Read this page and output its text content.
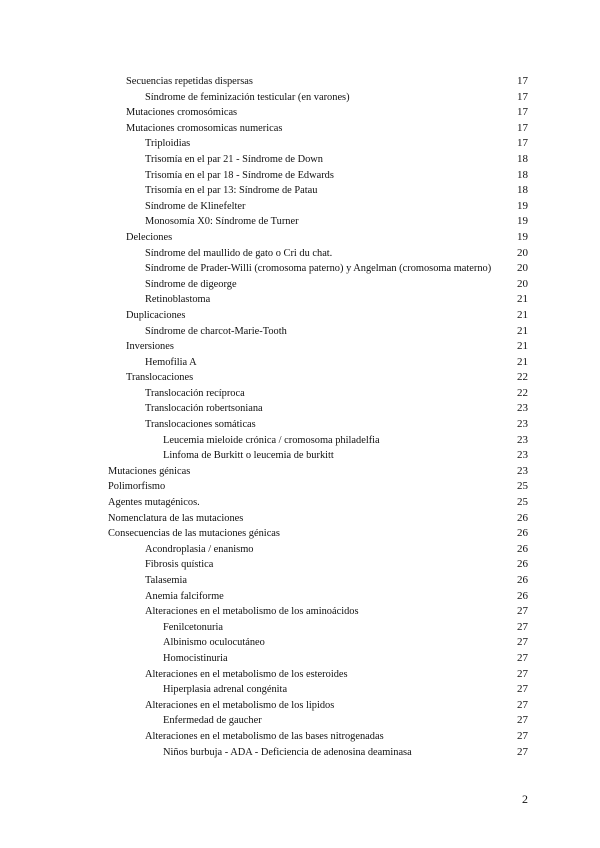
Secuencias repetidas dispersas	17
Síndrome de feminización testicular (en varones)	17
Mutaciones cromosómicas	17
Mutaciones cromosomicas numericas	17
Triploidias	17
Trisomía en el par 21 - Síndrome de Down	18
Trisomía en el par 18 - Síndrome de Edwards	18
Trisomía en el par 13: Síndrome de Patau	18
Síndrome de Klinefelter	19
Monosomía X0: Síndrome de Turner	19
Deleciones	19
Síndrome del maullido de gato o Cri du chat.	20
Síndrome de Prader-Willi (cromosoma paterno) y Angelman (cromosoma materno) 20
Síndrome de digeorge	20
Retinoblastoma	21
Duplicaciones	21
Síndrome de charcot-Marie-Tooth	21
Inversiones	21
Hemofilia A	21
Translocaciones	22
Translocación recíproca	22
Translocación robertsoniana	23
Translocaciones somáticas	23
Leucemia mieloide crónica / cromosoma philadelfia	23
Linfoma de Burkitt o leucemia de burkitt	23
Mutaciones génicas	23
Polimorfismo	25
Agentes mutagénicos.	25
Nomenclatura de las mutaciones	26
Consecuencias de las mutaciones génicas	26
Acondroplasia / enanismo	26
Fibrosis quística	26
Talasemia	26
Anemia falciforme	26
Alteraciones en el metabolismo de los aminoácidos	27
Fenilcetonuria	27
Albinismo oculocutáneo	27
Homocistinuria	27
Alteraciones en el metabolismo de los esteroides	27
Hiperplasia adrenal congénita	27
Alteraciones en el metabolismo de los lipidos	27
Enfermedad de gaucher	27
Alteraciones en el metabolismo de las bases nitrogenadas	27
Niños burbuja - ADA - Deficiencia de adenosina deaminasa	27
2
